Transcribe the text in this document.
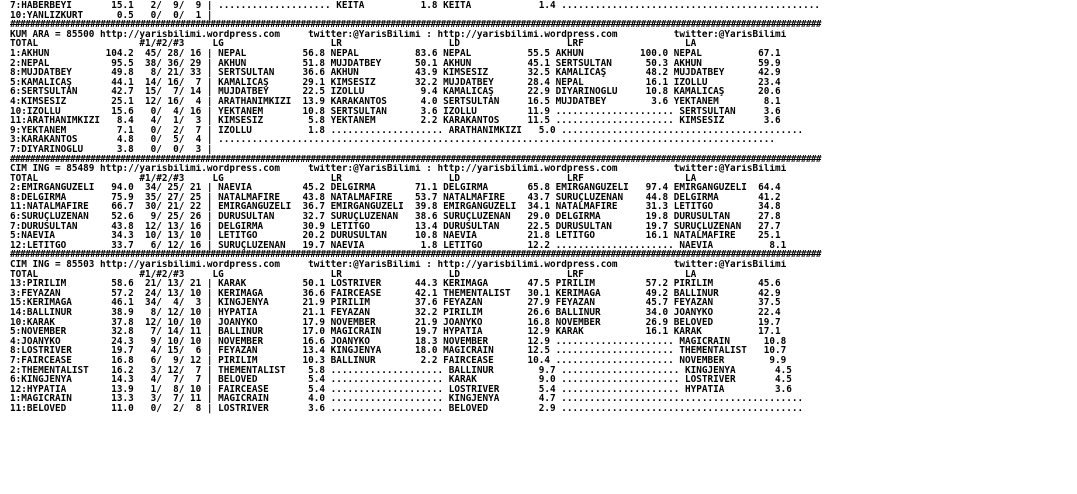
7:HABERBEYİ       15.1   2/  9/  9 | .................... KEITA          1.8 KEITA            1.4 ..............................................
10:YANLIZKURT      0.5   0/  0/  1 |
##################################################################################################################################################################
KUM ARA = 85500 http://yarisbilimi.wordpress.com     twitter:@YarisBilimi : http://yarisbilimi.wordpress.com          twitter:@YarisBilimi
TOTAL                  #1/#2/#3     LG                   LR                   LD                   LRF                  LA
1:AKHUN          104.2  45/ 28/ 16 | NEPAL          56.8 NEPAL          83.6 NEPAL          55.5 AKHUN          100.0 NEPAL          67.1
2:NEPAL           95.5  38/ 36/ 29 | AKHUN          51.8 MÜJDATBEY      50.1 AKHUN          45.1 SERTSULTAN      50.3 AKHUN          59.9
8:MÜJDATBEY       49.8   8/ 21/ 33 | SERTSULTAN     36.6 AKHUN          43.9 KİMSESİZ       32.5 KAMALICAŞ       48.2 MÜJDATBEY      42.9
5:KAMALICAŞ       44.1  14/ 16/  7 | KAMALICAŞ      29.1 KİMSESİZ       32.2 MÜJDATBEY      28.4 NEPAL           16.1 İZOLLU         23.4
6:SERTSULTAN      42.7  15/  7/ 14 | MÜJDATBEY      22.5 İZOLLU          9.4 KAMALICAŞ      22.9 DİYARINOĞLU     10.8 KAMALICAŞ      20.6
4:KİMSESİZ        25.1  12/ 16/  4 | ARATHANIMKIZI  13.9 KARAKANTOS      4.0 SERTSULTAN     16.5 MÜJDATBEY        3.6 YEKTANEM        8.1
10:İZOLLU         15.6   0/  4/ 16 | YEKTANEM       10.8 SERTSULTAN      3.6 İZOLLU         11.9 ..................... SERTSULTAN     3.6
11:ARATHANIMKIZI   8.4   4/  1/  3 | KİMSESİZ        5.8 YEKTANEM        2.2 KARAKANTOS     11.5 ..................... KİMSESİZ       3.6
9:YEKTANEM         7.1   0/  2/  7 | İZOLLU          1.8 .................... ARATHANIMKIZI   5.0 ...........................................
3:KARAKANTOS       4.8   0/  5/  4 | ...................................................................................................
7:DİYARINOĞLU      3.8   0/  0/  3 |
##################################################################################################################################################################
CIM ING = 85489 http://yarisbilimi.wordpress.com     twitter:@YarisBilimi : http://yarisbilimi.wordpress.com          twitter:@YarisBilimi
TOTAL                  #1/#2/#3     LG                   LR                   LD                   LRF                  LA
2:EMİRGANGÜZELİ   94.0  34/ 25/ 21 | NAEVIA         45.2 DELGİRMA       71.1 DELGİRMA       65.8 EMİRGANGÜZELİ   97.4 EMİRGANGÜZELİ  64.4
8:DELGİRMA        75.9  35/ 27/ 25 | NATALMAFIRE    43.8 NATALMAFIRE    53.7 NATALMAFIRE    43.7 SURUÇLUZENAN    44.8 DELGİRMA       41.2
11:NATALMAFIRE    66.7  30/ 21/ 22 | EMİRGANGÜZELİ  36.7 EMİRGANGÜZELİ  39.8 EMİRGANGÜZELİ  34.1 NATALMAFIRE     31.3 LETITGO        34.8
6:SURUÇLUZENAN    52.6   9/ 25/ 26 | DURUSULTAN     32.7 SURUÇLUZENAN   38.6 SURUÇLUZENAN   29.0 DELGİRMA        19.8 DURUSULTAN     27.8
7:DURUSULTAN      43.8  12/ 13/ 16 | DELGİRMA       30.9 LETITGO        13.4 DURUSULTAN     22.5 DURUSULTAN      19.7 SURUÇLUZENAN   27.7
5:NAEVIA          34.3  10/ 13/ 10 | LETITGO        20.2 DURUSULTAN     10.8 NAEVIA         21.8 LETITGO         16.1 NATALMAFIRE    25.1
12:LETITGO        33.7   6/ 12/ 16 | SURUÇLUZENAN   19.7 NAEVIA          1.8 LETITGO        12.2 ..................... NAEVIA          8.1
##################################################################################################################################################################
CIM ING = 85503 http://yarisbilimi.wordpress.com     twitter:@YarisBilimi : http://yarisbilimi.wordpress.com          twitter:@YarisBilimi
TOTAL                  #1/#2/#3     LG                   LR                   LD                   LRF                  LA
13:PIRILIM        58.6  21/ 13/ 21 | KARAK          50.1 LOSTRIVER      44.3 KERİMAGA       47.5 PIRILIM         57.2 PIRILIM        45.6
3:FEYAZAN         57.2  24/ 13/ 10 | KERİMAGA       36.6 FAIRCEASE      42.1 THEMENTALIST   30.1 KERİMAGA        49.2 BALLINUR       42.9
15:KERİMAGA       46.1  34/  4/  3 | KINGJENYA      21.9 PIRILIM        37.6 FEYAZAN        27.9 FEYAZAN         45.7 FEYAZAN        37.5
14:BALLINUR       38.9   8/ 12/ 10 | HYPATIA        21.1 FEYAZAN        32.2 PIRILIM        26.6 BALLINUR        34.0 JOANYKO        22.4
10:KARAK          37.8  12/ 10/ 10 | JOANYKO        17.9 NOVEMBER       21.9 JOANYKO        16.8 NOVEMBER        26.9 BELOVED        19.7
5:NOVEMBER        32.8   7/ 14/ 11 | BALLINUR       17.0 MAGICRAIN      19.7 HYPATIA        12.9 KARAK           16.1 KARAK          17.1
4:JOANYKO         24.3   9/ 10/ 10 | NOVEMBER       16.6 JOANYKO        18.3 NOVEMBER       12.9 ..................... MAGICRAIN      10.8
8:LOSTRIVER       19.7   4/ 15/  6 | FEYAZAN        13.4 KINGJENYA      18.0 MAGICRAIN      12.5 ..................... THEMENTALIST   10.7
7:FAIRCEASE       16.8   6/  9/ 12 | PIRILIM        10.3 BALLINUR        2.2 FAIRCEASE      10.4 ..................... NOVEMBER        9.9
2:THEMENTALIST    16.2   3/ 12/  7 | THEMENTALIST    5.8 .................... BALLINUR        9.7 ..................... KINGJENYA       4.5
6:KINGJENYA       14.3   4/  7/  7 | BELOVED         5.4 .................... KARAK           9.0 ..................... LOSTRIVER       4.5
12:HYPATIA        13.9   1/  8/ 10 | FAIRCEASE       5.4 .................... LOSTRIVER       5.4 ..................... HYPATIA         3.6
1:MAGICRAIN       13.3   3/  7/ 11 | MAGICRAIN       4.0 .................... KINGJENYA       4.7 ...........................................
11:BELOVED        11.0   0/  2/  8 | LOSTRIVER       3.6 .................... BELOVED         2.9 ...........................................
